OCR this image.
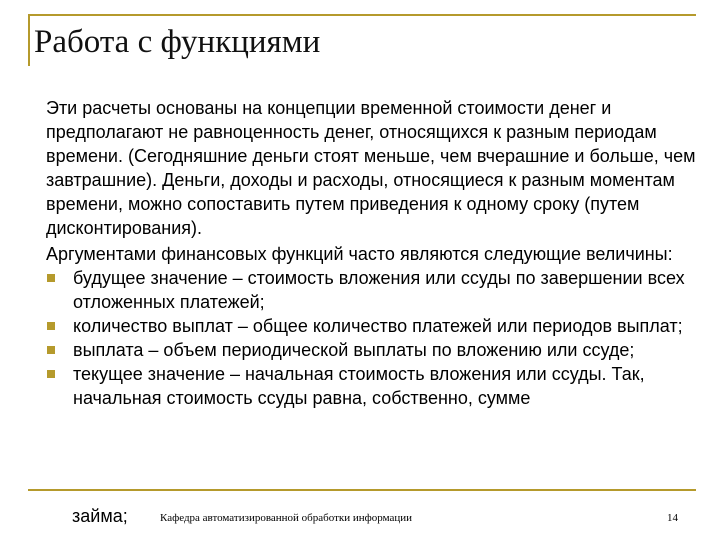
Работа с функциями

Эти расчеты основаны на концепции временной стоимости денег и предполагают не равноценность денег, относящихся к разным периодам времени. (Сегодняшние деньги стоят меньше, чем вчерашние и больше, чем завтрашние). Деньги, доходы и расходы, относящиеся к разным моментам времени, можно сопоставить путем приведения к одному сроку (путем дисконтирования).

Аргументами финансовых функций часто являются следующие величины:

будущее значение – стоимость вложения или ссуды по завершении всех отложенных платежей;
количество выплат – общее количество платежей или периодов выплат;
выплата – объем периодической выплаты по вложению или ссуде;
текущее значение – начальная стоимость вложения или ссуды. Так, начальная стоимость ссуды равна, собственно, сумме
займа;	Кафедра автоматизированной обработки информации	14
